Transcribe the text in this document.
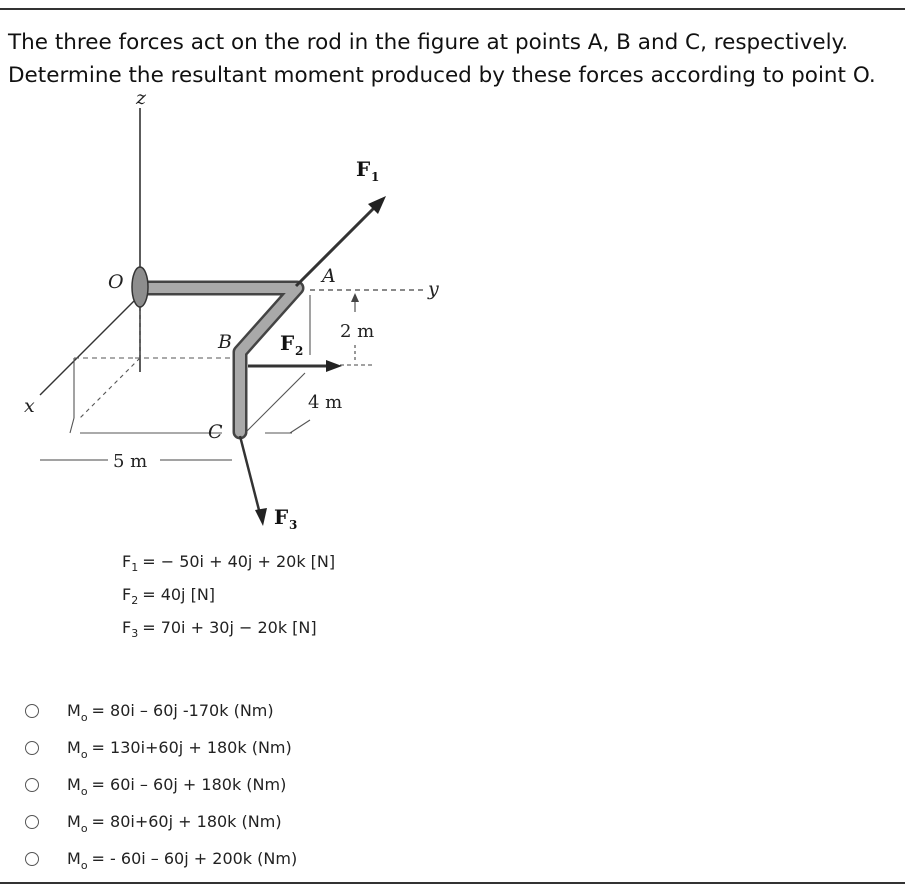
The three forces act on the rod in the figure at points A, B and C, respectively.
Determine the resultant moment produced by these forces according to point O.
z
y
x
5 m
2 m
4 m
O	A
B
C
F 1
F 2
F 3
$F_1$ = − 50i + 40j + 20k [N]
$F_2 = 40j$ [N]
$F_3 = 70i + 30j - 20k$ [N]
$M_o = 80i - 60j$ -170k (Nm)
$M_o = 130i+60j + 180k$ (Nm)
$M_o = 60i - 60j + 180k$ (Nm)
$M_o = 80i+60j + 180k$ (Nm)
$M_o$ = - 60i – 60j + 200k (Nm)
